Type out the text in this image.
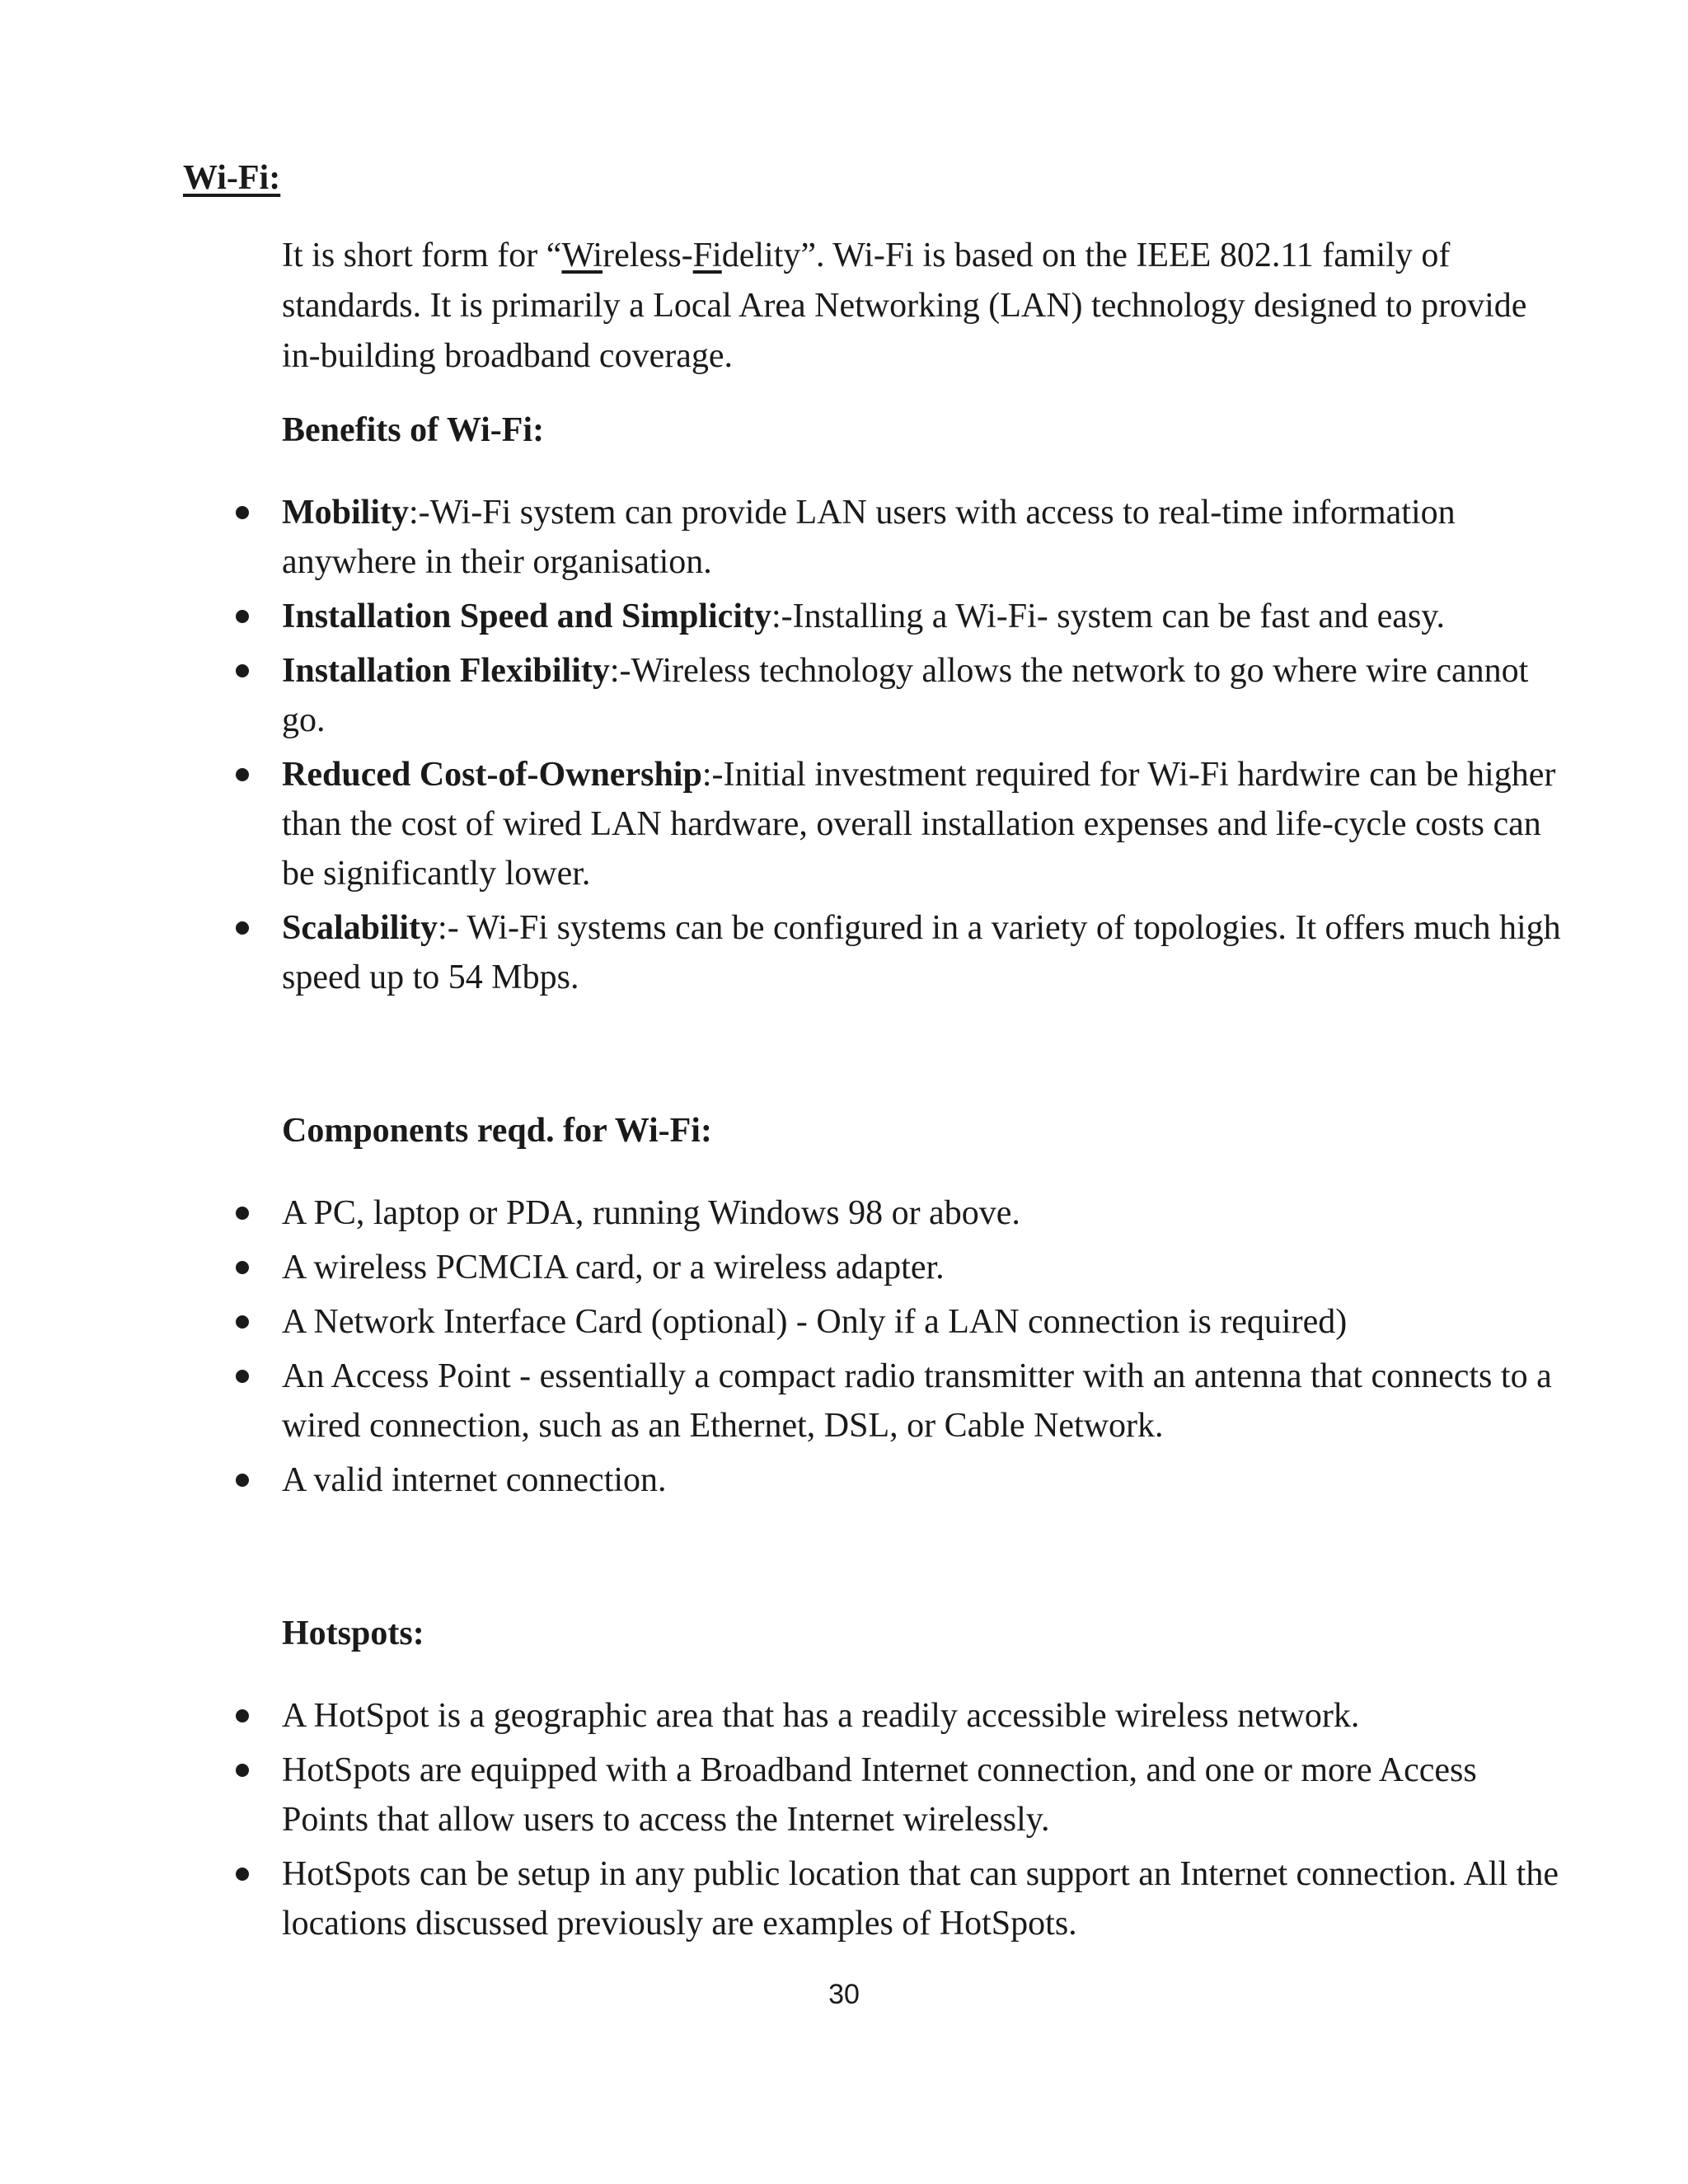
Wi-Fi:
It is short form for “Wireless-Fidelity”. Wi-Fi is based on the IEEE 802.11 family of standards. It is primarily a Local Area Networking (LAN) technology designed to provide in-building broadband coverage.
Benefits of Wi-Fi:
Mobility:-Wi-Fi system can provide LAN users with access to real-time information anywhere in their organisation.
Installation Speed and Simplicity:-Installing a Wi-Fi- system can be fast and easy.
Installation Flexibility:-Wireless technology allows the network to go where wire cannot go.
Reduced Cost-of-Ownership:-Initial investment required for Wi-Fi hardwire can be higher than the cost of wired LAN hardware, overall installation expenses and life-cycle costs can be significantly lower.
Scalability:- Wi-Fi systems can be configured in a variety of topologies. It offers much high speed up to 54 Mbps.
Components reqd. for Wi-Fi:
A PC, laptop or PDA, running Windows 98 or above.
A wireless PCMCIA card, or a wireless adapter.
A Network Interface Card (optional) - Only if a LAN connection is required)
An Access Point - essentially a compact radio transmitter with an antenna that connects to a wired connection, such as an Ethernet, DSL, or Cable Network.
A valid internet connection.
Hotspots:
A HotSpot is a geographic area that has a readily accessible wireless network.
HotSpots are equipped with a Broadband Internet connection, and one or more Access Points that allow users to access the Internet wirelessly.
HotSpots can be setup in any public location that can support an Internet connection. All the locations discussed previously are examples of HotSpots.
30
